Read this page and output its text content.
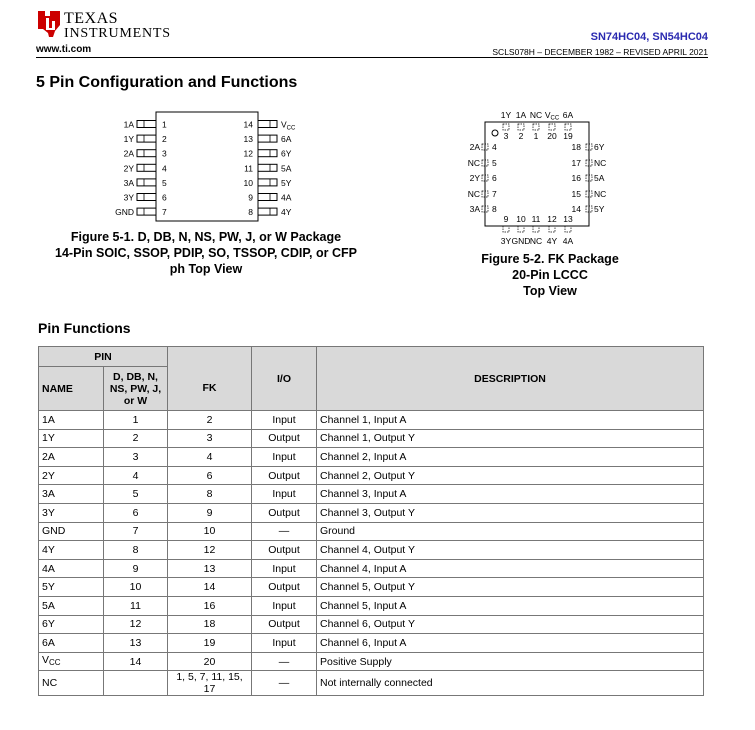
TEXAS
INSTRUMENTS
www.ti.com
SN74HC04, SN54HC04
SCLS078H – DECEMBER 1982 – REVISED APRIL 2021
5 Pin Configuration and Functions
1A	1
1Y	2
2A	3
2Y	4
3A	5
3Y	6
GND	7
14	$V_{CC}$
13	6A
12	6Y
11	5A
10	5Y
9	4A
8	4Y
Figure 5-1. D, DB, N, NS, PW, J, or W Package
14-Pin SOIC, SSOP, PDIP, SO, TSSOP, CDIP, or CFP
ph Top View
1Y
3
1A
2
NC
1
VCC
20
6A
19
9
3Y
10
GND
11
NC
12
4Y
13
4A
2A 4
NC 5
2Y 6
NC 7
3A 8
18 6Y
17 NC
16 5A
15 NC
14 5Y
Figure 5-2. FK Package
20-Pin LCCC
Top View
Pin Functions
PIN			I/O	DESCRIPTION
NAME	D, DB, N, NS, PW, J, or W	FK		
1A	1	2	Input	Channel 1, Input A
1Y	2	3	Output	Channel 1, Output Y
2A	3	4	Input	Channel 2, Input A
2Y	4	6	Output	Channel 2, Output Y
3A	5	8	Input	Channel 3, Input A
3Y	6	9	Output	Channel 3, Output Y
GND	7	10	—	Ground
4Y	8	12	Output	Channel 4, Output Y
4A	9	13	Input	Channel 4, Input A
5Y	10	14	Output	Channel 5, Output Y
5A	11	16	Input	Channel 5, Input A
6Y	12	18	Output	Channel 6, Output Y
6A	13	19	Input	Channel 6, Input A
$V_{CC}$	14	20	—	Positive Supply
NC		1, 5, 7, 11, 15, 17	—	Not internally connected
